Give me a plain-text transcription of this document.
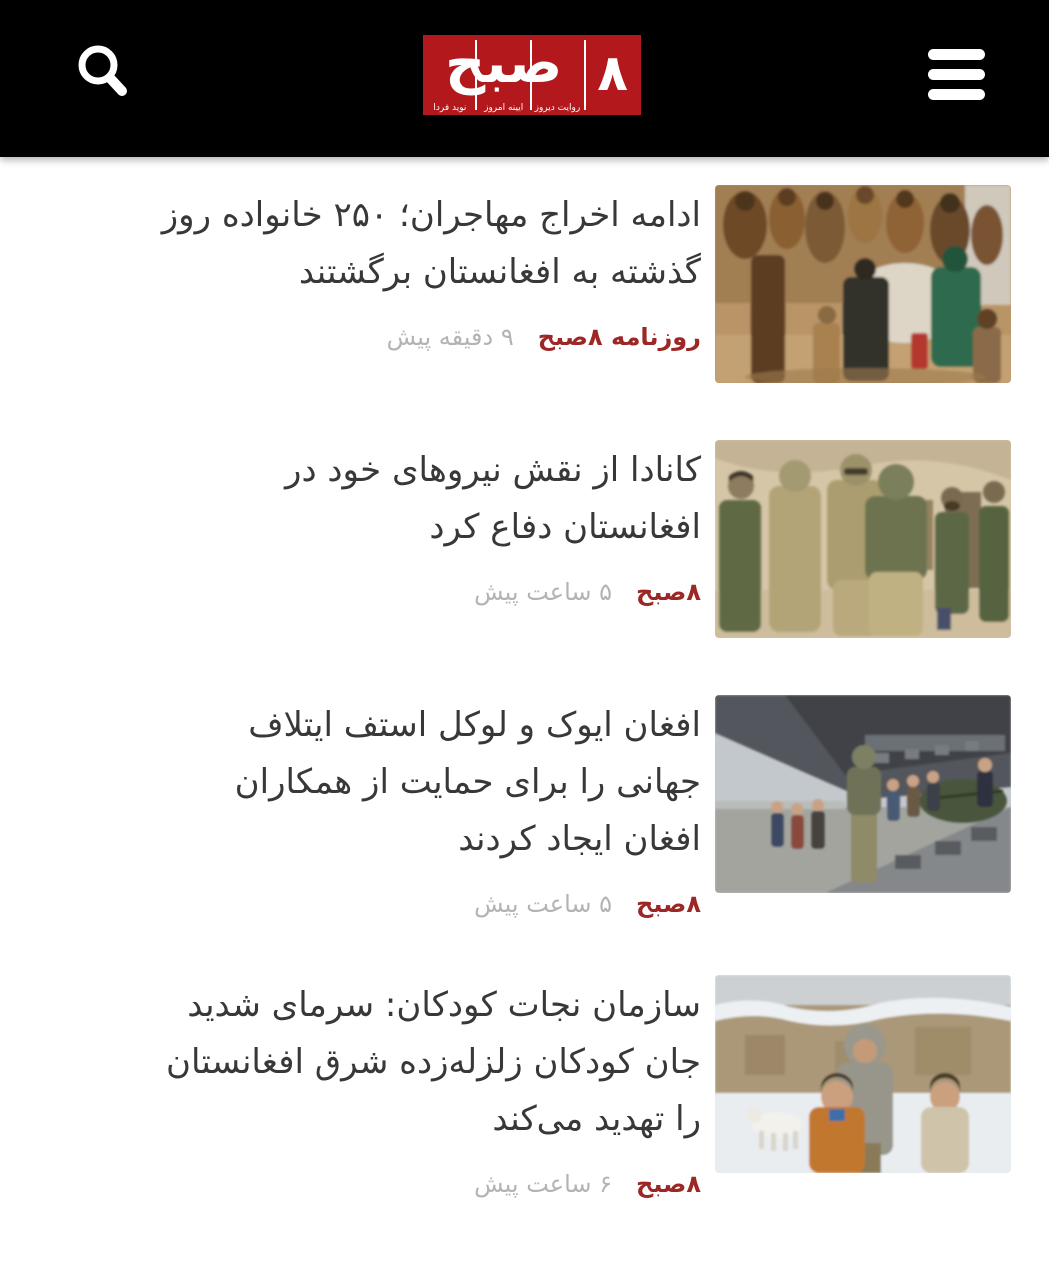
۸
صبح
روایت دیروز
آیینه امروز
نوید فردا
ادامه اخراج مهاجران؛ ۲۵۰ خانواده روز
گذشته به افغانستان برگشتند
روزنامه ۸صبح
۹ دقیقه پیش
کانادا از نقش نیروهای خود در
افغانستان دفاع کرد
۸صبح
۵ ساعت پیش
افغان ایوک و لوکل استف ایتلاف
جهانی را برای حمایت از همکاران
افغان ایجاد کردند
۸صبح
۵ ساعت پیش
سازمان نجات کودکان: سرمای شدید
جان کودکان زلزله‌زده شرق افغانستان
را تهدید می‌کند
۸صبح
۶ ساعت پیش
